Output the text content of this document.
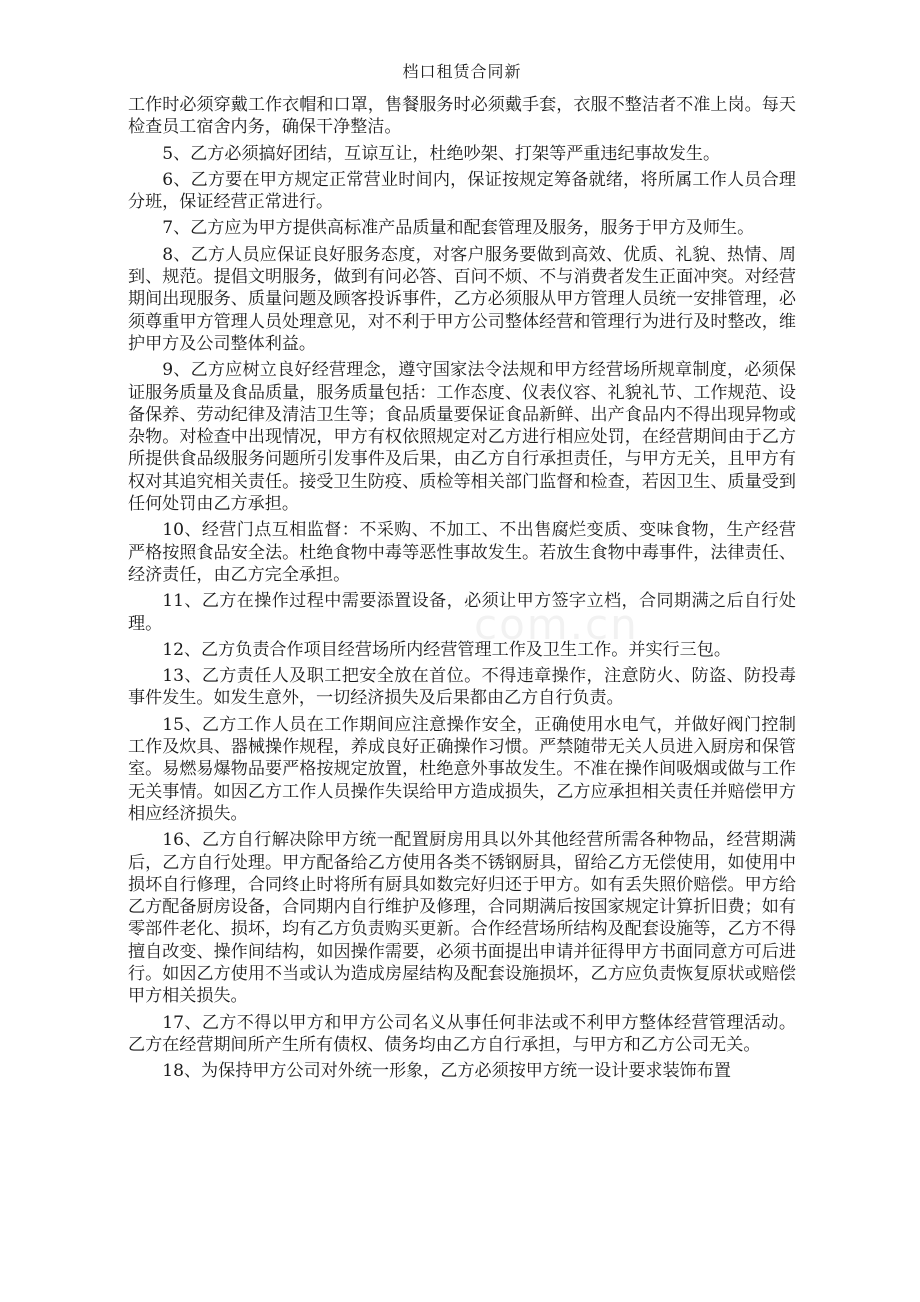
档口租赁合同新

工作时必须穿戴工作衣帽和口罩，售餐服务时必须戴手套，衣服不整洁者不准上岗。每天检查员工宿舍内务，确保干净整洁。

5、乙方必须搞好团结，互谅互让，杜绝吵架、打架等严重违纪事故发生。

6、乙方要在甲方规定正常营业时间内，保证按规定筹备就绪，将所属工作人员合理分班，保证经营正常进行。

7、乙方应为甲方提供高标准产品质量和配套管理及服务，服务于甲方及师生。

8、乙方人员应保证良好服务态度，对客户服务要做到高效、优质、礼貌、热情、周到、规范。提倡文明服务，做到有问必答、百问不烦、不与消费者发生正面冲突。对经营期间出现服务、质量问题及顾客投诉事件，乙方必须服从甲方管理人员统一安排管理，必须尊重甲方管理人员处理意见，对不利于甲方公司整体经营和管理行为进行及时整改，维护甲方及公司整体利益。

9、乙方应树立良好经营理念，遵守国家法令法规和甲方经营场所规章制度，必须保证服务质量及食品质量，服务质量包括：工作态度、仪表仪容、礼貌礼节、工作规范、设备保养、劳动纪律及清洁卫生等；食品质量要保证食品新鲜、出产食品内不得出现异物或杂物。对检查中出现情况，甲方有权依照规定对乙方进行相应处罚，在经营期间由于乙方所提供食品级服务问题所引发事件及后果，由乙方自行承担责任，与甲方无关，且甲方有权对其追究相关责任。接受卫生防疫、质检等相关部门监督和检查，若因卫生、质量受到任何处罚由乙方承担。

10、经营门点互相监督：不采购、不加工、不出售腐烂变质、变味食物，生产经营严格按照食品安全法。杜绝食物中毒等恶性事故发生。若放生食物中毒事件，法律责任、经济责任，由乙方完全承担。

11、乙方在操作过程中需要添置设备，必须让甲方签字立档，合同期满之后自行处理。

12、乙方负责合作项目经营场所内经营管理工作及卫生工作。并实行三包。

13、乙方责任人及职工把安全放在首位。不得违章操作，注意防火、防盗、防投毒事件发生。如发生意外，一切经济损失及后果都由乙方自行负责。

15、乙方工作人员在工作期间应注意操作安全，正确使用水电气，并做好阀门控制工作及炊具、器械操作规程，养成良好正确操作习惯。严禁随带无关人员进入厨房和保管室。易燃易爆物品要严格按规定放置，杜绝意外事故发生。不准在操作间吸烟或做与工作无关事情。如因乙方工作人员操作失误给甲方造成损失，乙方应承担相关责任并赔偿甲方相应经济损失。

16、乙方自行解决除甲方统一配置厨房用具以外其他经营所需各种物品，经营期满后，乙方自行处理。甲方配备给乙方使用各类不锈钢厨具，留给乙方无偿使用，如使用中损坏自行修理，合同终止时将所有厨具如数完好归还于甲方。如有丢失照价赔偿。甲方给乙方配备厨房设备，合同期内自行维护及修理，合同期满后按国家规定计算折旧费；如有零部件老化、损坏，均有乙方负责购买更新。合作经营场所结构及配套设施等，乙方不得擅自改变、操作间结构，如因操作需要，必须书面提出申请并征得甲方书面同意方可后进行。如因乙方使用不当或认为造成房屋结构及配套设施损坏，乙方应负责恢复原状或赔偿甲方相关损失。

17、乙方不得以甲方和甲方公司名义从事任何非法或不利甲方整体经营管理活动。乙方在经营期间所产生所有债权、债务均由乙方自行承担，与甲方和乙方公司无关。

18、为保持甲方公司对外统一形象，乙方必须按甲方统一设计要求装饰布置

com.cn
